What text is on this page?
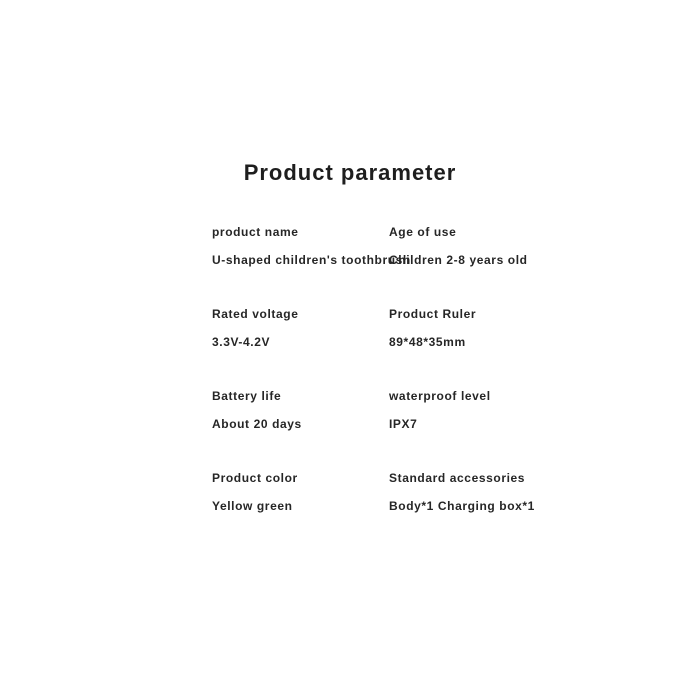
Product parameter
product name
U-shaped children's toothbrush
Age of use
Children 2-8 years old
Rated voltage
3.3V-4.2V
Product Ruler
89*48*35mm
Battery life
About 20 days
waterproof level
IPX7
Product color
Yellow green
Standard accessories
Body*1 Charging box*1
